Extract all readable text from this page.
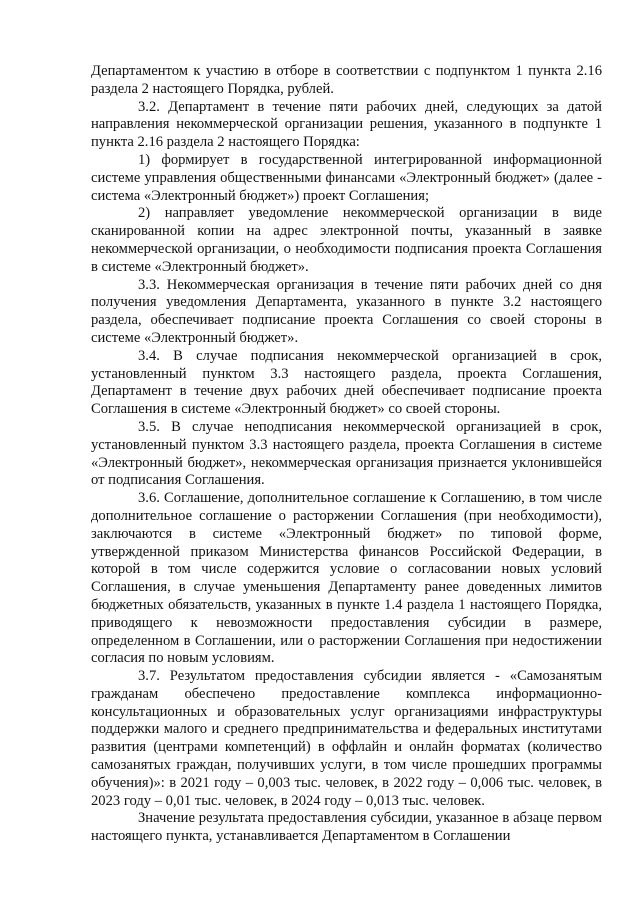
Департаментом к участию в отборе в соответствии с подпунктом 1 пункта 2.16 раздела 2 настоящего Порядка, рублей.

3.2. Департамент в течение пяти рабочих дней, следующих за датой направления некоммерческой организации решения, указанного в подпункте 1 пункта 2.16 раздела 2 настоящего Порядка:

1) формирует в государственной интегрированной информационной системе управления общественными финансами «Электронный бюджет» (далее - система «Электронный бюджет») проект Соглашения;

2) направляет уведомление некоммерческой организации в виде сканированной копии на адрес электронной почты, указанный в заявке некоммерческой организации, о необходимости подписания проекта Соглашения в системе «Электронный бюджет».

3.3. Некоммерческая организация в течение пяти рабочих дней со дня получения уведомления Департамента, указанного в пункте 3.2 настоящего раздела, обеспечивает подписание проекта Соглашения со своей стороны в системе «Электронный бюджет».

3.4. В случае подписания некоммерческой организацией в срок, установленный пунктом 3.3 настоящего раздела, проекта Соглашения, Департамент в течение двух рабочих дней обеспечивает подписание проекта Соглашения в системе «Электронный бюджет» со своей стороны.

3.5. В случае неподписания некоммерческой организацией в срок, установленный пунктом 3.3 настоящего раздела, проекта Соглашения в системе «Электронный бюджет», некоммерческая организация признается уклонившейся от подписания Соглашения.

3.6. Соглашение, дополнительное соглашение к Соглашению, в том числе дополнительное соглашение о расторжении Соглашения (при необходимости), заключаются в системе «Электронный бюджет» по типовой форме, утвержденной приказом Министерства финансов Российской Федерации, в которой в том числе содержится условие о согласовании новых условий Соглашения, в случае уменьшения Департаменту ранее доведенных лимитов бюджетных обязательств, указанных в пункте 1.4 раздела 1 настоящего Порядка, приводящего к невозможности предоставления субсидии в размере, определенном в Соглашении, или о расторжении Соглашения при недостижении согласия по новым условиям.

3.7. Результатом предоставления субсидии является - «Самозанятым гражданам обеспечено предоставление комплекса информационно-консультационных и образовательных услуг организациями инфраструктуры поддержки малого и среднего предпринимательства и федеральных институтами развития (центрами компетенций) в оффлайн и онлайн форматах (количество самозанятых граждан, получивших услуги, в том числе прошедших программы обучения)»: в 2021 году – 0,003 тыс. человек, в 2022 году – 0,006 тыс. человек, в 2023 году – 0,01 тыс. человек, в 2024 году – 0,013 тыс. человек.

Значение результата предоставления субсидии, указанное в абзаце первом настоящего пункта, устанавливается Департаментом в Соглашении
